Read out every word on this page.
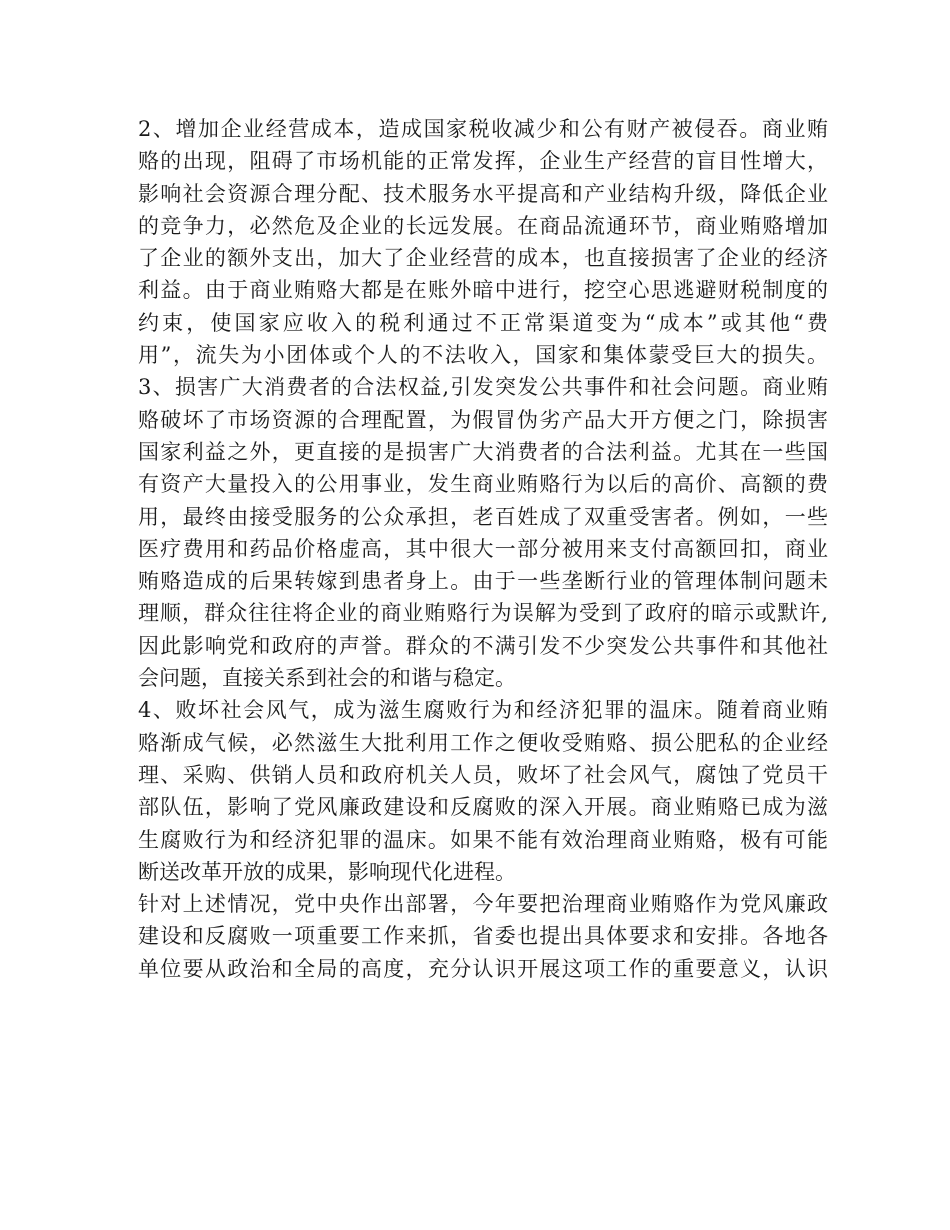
2、增加企业经营成本，造成国家税收减少和公有财产被侵吞。商业贿
赂的出现，阻碍了市场机能的正常发挥，企业生产经营的盲目性增大，
影响社会资源合理分配、技术服务水平提高和产业结构升级，降低企业
的竞争力，必然危及企业的长远发展。在商品流通环节，商业贿赂增加
了企业的额外支出，加大了企业经营的成本，也直接损害了企业的经济
利益。由于商业贿赂大都是在账外暗中进行，挖空心思逃避财税制度的
约束，使国家应收入的税利通过不正常渠道变为“成本”或其他“费
用”，流失为小团体或个人的不法收入，国家和集体蒙受巨大的损失。
3、损害广大消费者的合法权益,引发突发公共事件和社会问题。商业贿
赂破坏了市场资源的合理配置，为假冒伪劣产品大开方便之门，除损害
国家利益之外，更直接的是损害广大消费者的合法利益。尤其在一些国
有资产大量投入的公用事业，发生商业贿赂行为以后的高价、高额的费
用，最终由接受服务的公众承担，老百姓成了双重受害者。例如，一些
医疗费用和药品价格虚高，其中很大一部分被用来支付高额回扣，商业
贿赂造成的后果转嫁到患者身上。由于一些垄断行业的管理体制问题未
理顺，群众往往将企业的商业贿赂行为误解为受到了政府的暗示或默许,
因此影响党和政府的声誉。群众的不满引发不少突发公共事件和其他社
会问题，直接关系到社会的和谐与稳定。
4、败坏社会风气，成为滋生腐败行为和经济犯罪的温床。随着商业贿
赂渐成气候，必然滋生大批利用工作之便收受贿赂、损公肥私的企业经
理、采购、供销人员和政府机关人员，败坏了社会风气，腐蚀了党员干
部队伍，影响了党风廉政建设和反腐败的深入开展。商业贿赂已成为滋
生腐败行为和经济犯罪的温床。如果不能有效治理商业贿赂，极有可能
断送改革开放的成果，影响现代化进程。
针对上述情况，党中央作出部署，今年要把治理商业贿赂作为党风廉政
建设和反腐败一项重要工作来抓，省委也提出具体要求和安排。各地各
单位要从政治和全局的高度，充分认识开展这项工作的重要意义，认识
